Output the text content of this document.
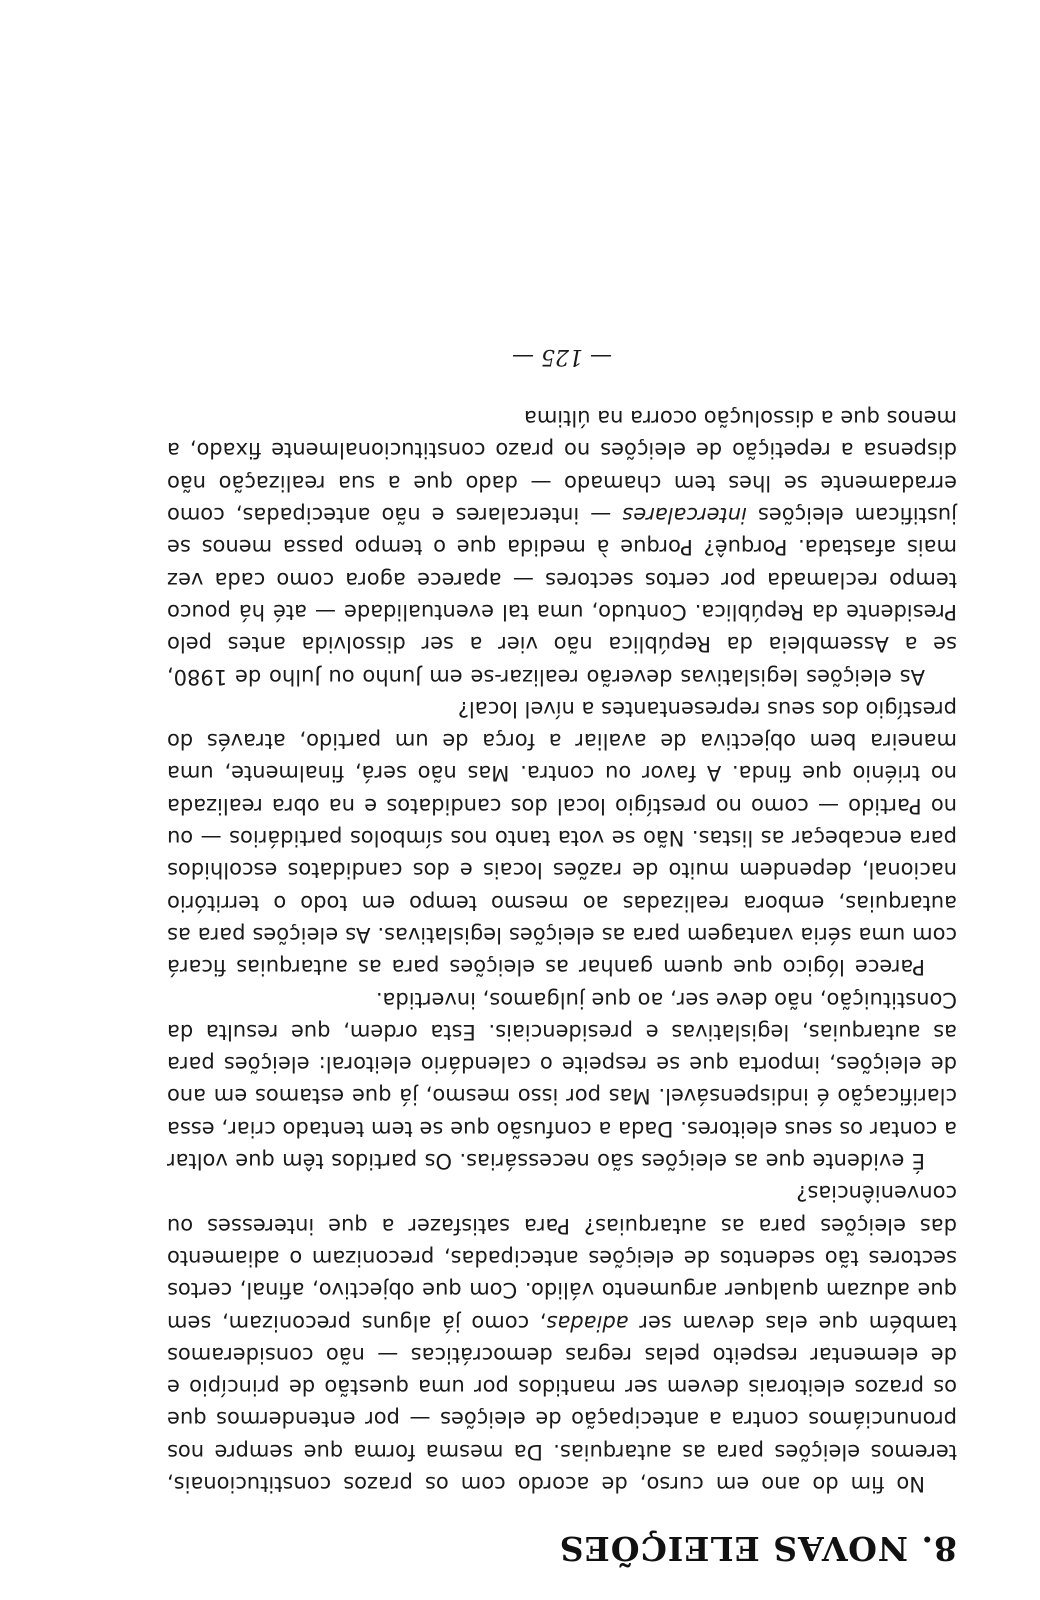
8. NOVAS ELEIÇÕES

No fim do ano em curso, de acordo com os prazos constitucionais, teremos eleições para as autarquias. Da mesma forma que sempre nos pronunciámos contra a antecipação de eleições — por entendermos que os prazos eleitorais devem ser mantidos por uma questão de princípio e de elementar respeito pelas regras democráticas — não consideramos também que elas devam ser adiadas, como já alguns preconizam, sem que aduzam qualquer argumento válido. Com que objectivo, afinal, certos sectores tão sedentos de eleições antecipadas, preconizam o adiamento das eleições para as autarquias? Para satisfazer a que interesses ou conveniências?

É evidente que as eleições são necessárias. Os partidos têm que voltar a contar os seus eleitores. Dada a confusão que se tem tentado criar, essa clarificação é indispensável. Mas por isso mesmo, já que estamos em ano de eleições, importa que se respeite o calendário eleitoral: eleições para as autarquias, legislativas e presidenciais. Esta ordem, que resulta da Constituição, não deve ser, ao que julgamos, invertida.

Parece lógico que quem ganhar as eleições para as autarquias ficará com uma séria vantagem para as eleições legislativas. As eleições para as autarquias, embora realizadas ao mesmo tempo em todo o território nacional, dependem muito de razões locais e dos candidatos escolhidos para encabeçar as listas. Não se vota tanto nos símbolos partidários — ou no Partido — como no prestígio local dos candidatos e na obra realizada no triénio que finda. A favor ou contra. Mas não será, finalmente, uma maneira bem objectiva de avaliar a força de um partido, através do prestígio dos seus representantes a nível local?

As eleições legislativas deverão realizar-se em Junho ou Julho de 1980, se a Assembleia da República não vier a ser dissolvida antes pelo Presidente da República. Contudo, uma tal eventualidade — até há pouco tempo reclamada por certos sectores — aparece agora como cada vez mais afastada. Porquê? Porque à medida que o tempo passa menos se justificam eleições intercalares — intercalares e não antecipadas, como erradamente se lhes tem chamado — dado que a sua realização não dispensa a repetição de eleições no prazo constitucionalmente fixado, a menos que a dissolução ocorra na última

— 125 —
